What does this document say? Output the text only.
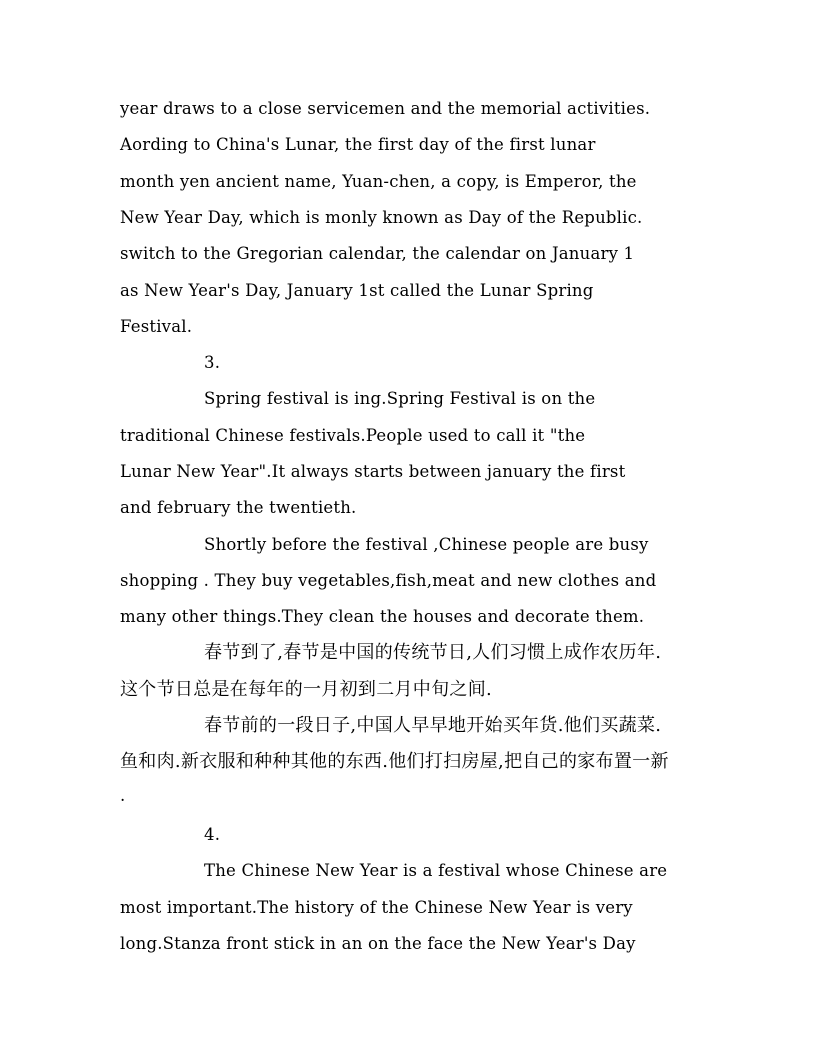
year draws to a close servicemen and the memorial activities.
Aording to China's Lunar, the first day of the first lunar
month yen ancient name, Yuan-chen, a copy, is Emperor, the
New Year Day, which is monly known as Day of the Republic.
switch to the Gregorian calendar, the calendar on January 1
as New Year's Day, January 1st called the Lunar Spring
Festival.
3.
Spring festival is ing.Spring Festival is on the
traditional Chinese festivals.People used to call it "the
Lunar New Year".It always starts between january the first
and february the twentieth.
Shortly before the festival ,Chinese people are busy
shopping . They buy vegetables,fish,meat and new clothes and
many other things.They clean the houses and decorate them.
春节到了,春节是中国的传统节日,人们习惯上成作农历年.
这个节日总是在每年的一月初到二月中旬之间.
春节前的一段日子,中国人早早地开始买年货.他们买蔬菜.
鱼和肉.新衣服和种种其他的东西.他们打扫房屋,把自己的家布置一新
.
4.
The Chinese New Year is a festival whose Chinese are
most important.The history of the Chinese New Year is very
long.Stanza front stick in an on the face the New Year's Day
